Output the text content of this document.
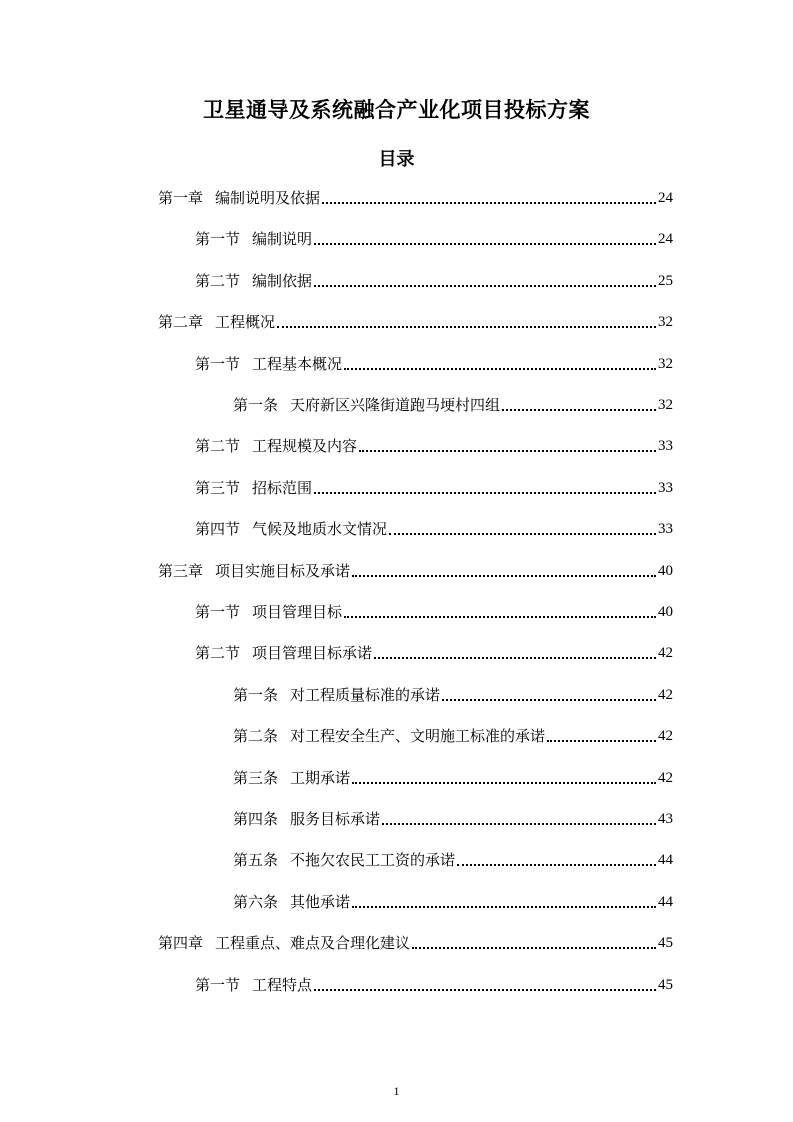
卫星通导及系统融合产业化项目投标方案
目录
第一章 编制说明及依据	24
第一节 编制说明	24
第二节 编制依据	25
第二章 工程概况	32
第一节 工程基本概况	32
第一条 天府新区兴隆街道跑马埂村四组	32
第二节 工程规模及内容	33
第三节 招标范围	33
第四节 气候及地质水文情况	33
第三章 项目实施目标及承诺	40
第一节 项目管理目标	40
第二节 项目管理目标承诺	42
第一条 对工程质量标准的承诺	42
第二条 对工程安全生产、文明施工标准的承诺	42
第三条 工期承诺	42
第四条 服务目标承诺	43
第五条 不拖欠农民工工资的承诺	44
第六条 其他承诺	44
第四章 工程重点、难点及合理化建议	45
第一节 工程特点	45
1
